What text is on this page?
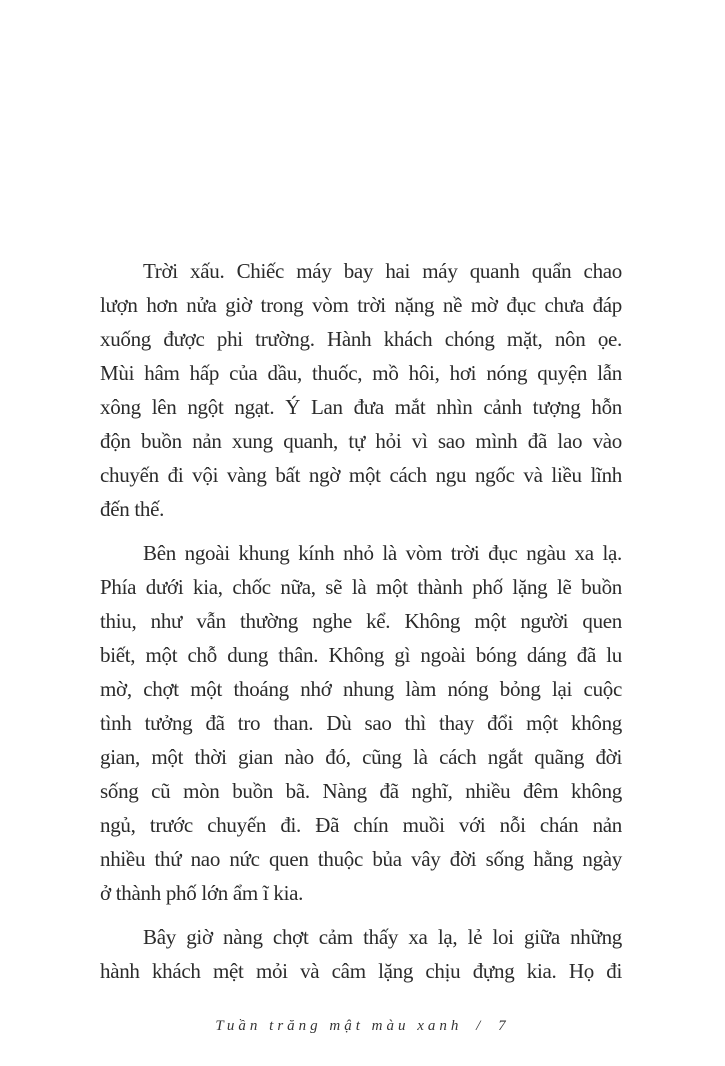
Trời xấu. Chiếc máy bay hai máy quanh quẩn chao
lượn hơn nửa giờ trong vòm trời nặng nề mờ đục chưa đáp
xuống được phi trường. Hành khách chóng mặt, nôn ọe.
Mùi hâm hấp của dầu, thuốc, mồ hôi, hơi nóng quyện lẫn
xông lên ngột ngạt. Ý Lan đưa mắt nhìn cảnh tượng hỗn
độn buồn nản xung quanh, tự hỏi vì sao mình đã lao vào
chuyến đi vội vàng bất ngờ một cách ngu ngốc và liều lĩnh
đến thế.
Bên ngoài khung kính nhỏ là vòm trời đục ngàu xa lạ.
Phía dưới kia, chốc nữa, sẽ là một thành phố lặng lẽ buồn
thiu, như vẫn thường nghe kể. Không một người quen
biết, một chỗ dung thân. Không gì ngoài bóng dáng đã lu
mờ, chợt một thoáng nhớ nhung làm nóng bỏng lại cuộc
tình tưởng đã tro than. Dù sao thì thay đổi một không
gian, một thời gian nào đó, cũng là cách ngắt quãng đời
sống cũ mòn buồn bã. Nàng đã nghĩ, nhiều đêm không
ngủ, trước chuyến đi. Đã chín muồi với nỗi chán nản
nhiều thứ nao nức quen thuộc bủa vây đời sống hằng ngày
ở thành phố lớn ẩm ĩ kia.
Bây giờ nàng chợt cảm thấy xa lạ, lẻ loi giữa những
hành khách mệt mỏi và câm lặng chịu đựng kia. Họ đi
Tuần trăng mật màu xanh / 7
